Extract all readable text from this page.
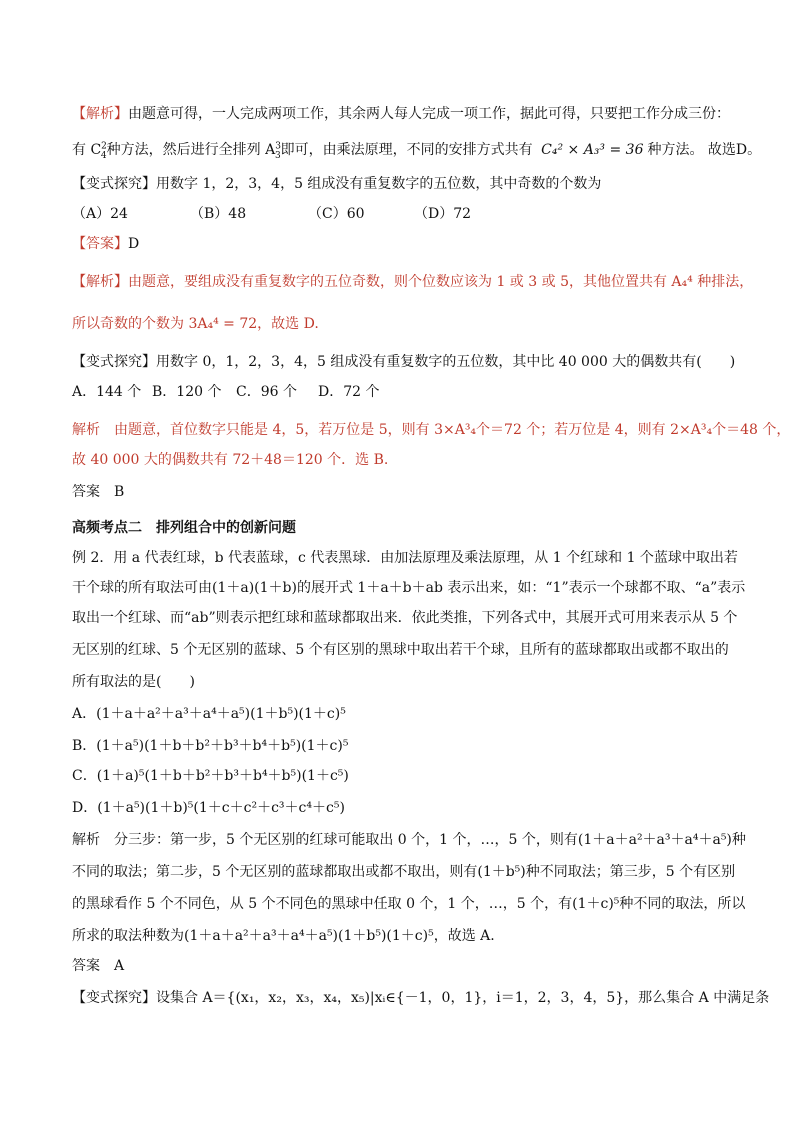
【解析】由题意可得，一人完成两项工作，其余两人每人完成一项工作，据此可得，只要把工作分成三份：
有 $C^2_4$种方法，然后进行全排列 $A^3_3$即可，由乘法原理，不同的安排方式共有 C₄² × A₃³ = 36 种方法。 故选D。
【变式探究】用数字 1，2，3，4，5 组成没有重复数字的五位数，其中奇数的个数为
（A）24	（B）48	（C）60	（D）72
【答案】D
【解析】由题意，要组成没有重复数字的五位奇数，则个位数应该为 1 或 3 或 5，其他位置共有 A₄⁴ 种排法，
所以奇数的个数为 3A₄⁴ = 72，故选 D.
【变式探究】用数字 0，1，2，3，4，5 组成没有重复数字的五位数，其中比 40 000 大的偶数共有(　　)
A．144 个 B．120 个 C．96 个 D．72 个
解析　由题意，首位数字只能是 4，5，若万位是 5，则有 3×A³₄个＝72 个；若万位是 4，则有 2×A³₄个＝48 个，
故 40 000 大的偶数共有 72＋48＝120 个．选 B.
答案　B
高频考点二　排列组合中的创新问题
例 2．用 a 代表红球，b 代表蓝球，c 代表黑球．由加法原理及乘法原理，从 1 个红球和 1 个蓝球中取出若
干个球的所有取法可由(1＋a)(1＋b)的展开式 1＋a＋b＋ab 表示出来，如：“1”表示一个球都不取、“a”表示
取出一个红球、而“ab”则表示把红球和蓝球都取出来．依此类推，下列各式中，其展开式可用来表示从 5 个
无区别的红球、5 个无区别的蓝球、5 个有区别的黑球中取出若干个球，且所有的蓝球都取出或都不取出的
所有取法的是(　　)
A．(1＋a＋a²＋a³＋a⁴＋a⁵)(1＋b⁵)(1＋c)⁵
B．(1＋a⁵)(1＋b＋b²＋b³＋b⁴＋b⁵)(1＋c)⁵
C．(1＋a)⁵(1＋b＋b²＋b³＋b⁴＋b⁵)(1＋c⁵)
D．(1＋a⁵)(1＋b)⁵(1＋c＋c²＋c³＋c⁴＋c⁵)
解析　分三步：第一步，5 个无区别的红球可能取出 0 个，1 个，…，5 个，则有(1＋a＋a²＋a³＋a⁴＋a⁵)种
不同的取法；第二步，5 个无区别的蓝球都取出或都不取出，则有(1＋b⁵)种不同取法；第三步，5 个有区别
的黑球看作 5 个不同色，从 5 个不同色的黑球中任取 0 个，1 个，…，5 个，有(1＋c)⁵种不同的取法，所以
所求的取法种数为(1＋a＋a²＋a³＋a⁴＋a⁵)(1＋b⁵)(1＋c)⁵，故选 A.
答案　A
【变式探究】设集合 A＝{(x₁，x₂，x₃，x₄，x₅)|xᵢ∈{－1，0，1}，i＝1，2，3，4，5}，那么集合 A 中满足条
